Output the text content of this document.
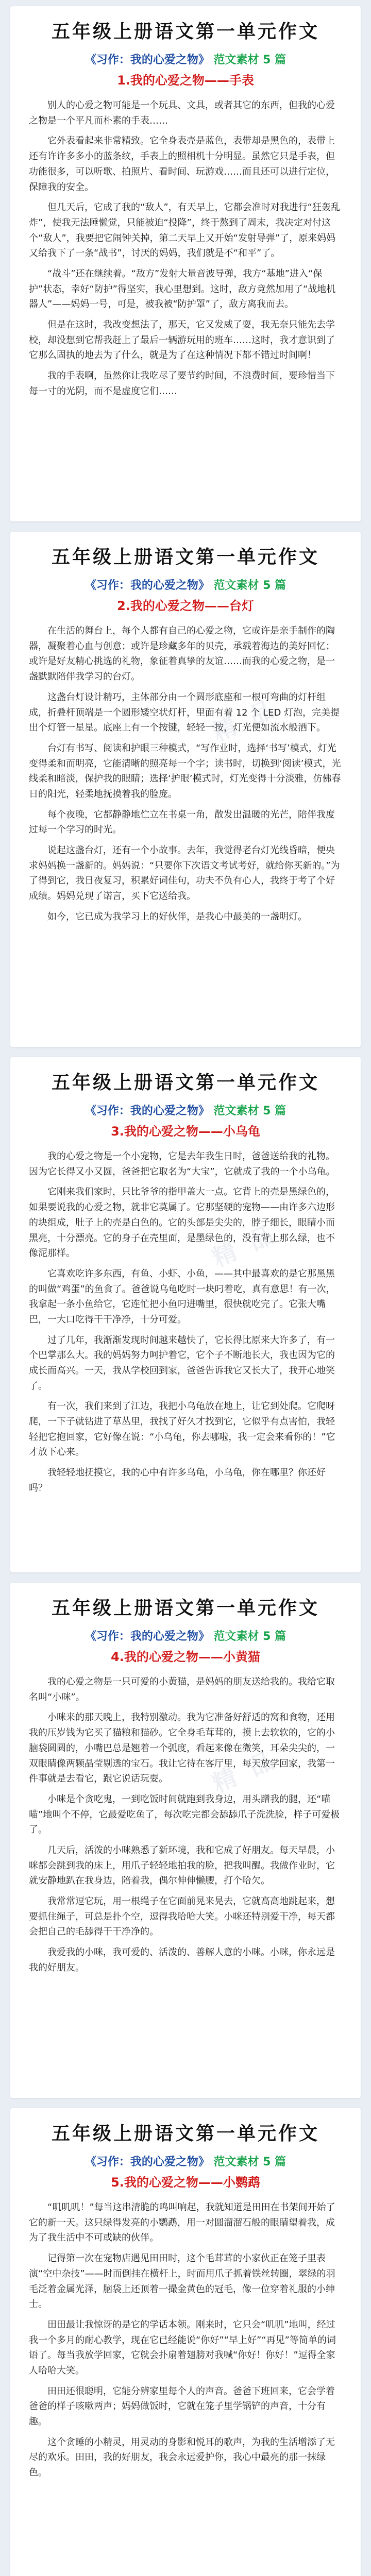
五年级上册语文第一单元作文

《习作：我的心爱之物》 范文素材 5 篇

1.我的心爱之物——手表

别人的心爱之物可能是一个玩具、文具，或者其它的东西，但我的心爱之物是一个平凡而朴素的手表……

它外表看起来非常精致。它全身表壳是蓝色，表带却是黑色的，表带上还有许许多多小的蓝条纹，手表上的照相机十分明显。虽然它只是手表，但功能很多，可以听歌、拍照片、看时间、玩游戏……而且还可以进行定位，保障我的安全。

但几天后，它成了我的“敌人”，有天早上，它都会准时对我进行“狂轰乱炸”，使我无法睡懒觉，只能被迫“投降”，终于熬到了周末，我决定对付这个“敌人”，我要把它闹钟关掉，第二天早上又开始“发射导弹”了，原来妈妈又给我下了一条“战书”，讨厌的妈妈，我们就是不“和平”了。

“战斗”还在继续着。“敌方”发射大量音波导弹，我方“基地”进入“保护”状态，幸好“防护”得坚实，我心里想到。这时，敌方竟然加用了“战地机器人”——妈妈一号，可是，被我被“防护罩”了，敌方离我而去。

但是在这时，我改变想法了，那天，它又发威了耍，我无奈只能先去学校，却没想到它帮我赶上了最后一辆游玩用的班车……这时，我才意识到了它那么固执的地去为了什么，就是为了在这种情况下都不错过时间啊！

我的手表啊，虽然你让我吃尽了要节约时间，不浪费时间，要珍惜当下每一寸的光阴，而不是虚度它们……

精 品
五年级上册语文第一单元作文

《习作：我的心爱之物》 范文素材 5 篇

2.我的心爱之物——台灯

在生活的舞台上，每个人都有自己的心爱之物，它或许是亲手制作的陶器，凝聚着心血与创意；或许是珍藏多年的贝壳，承载着海边的美好回忆；或许是好友精心挑选的礼物，象征着真挚的友谊……而我的心爱之物，是一盏默默陪伴我学习的台灯。

这盏台灯设计精巧，主体部分由一个圆形底座和一根可弯曲的灯杆组成，折叠杆顶端是一个圆形矮空状灯杆，里面有着 12 个 LED 灯泡，完美提出个灯管一星星。底座上有一个按键，轻轻一按，灯光便如流水般洒下。

台灯有书写、阅读和护眼三种模式，“写作业时，选择‘书写’模式，灯光变得柔和而明亮，它能清晰的照亮每一个字；读书时，切换到‘阅读’模式，光线柔和暗淡，保护我的眼睛；选择‘护眼’模式时，灯光变得十分淡雅，仿佛春日的阳光，轻柔地抚摸着我的脸庞。

每个夜晚，它都静静地伫立在书桌一角，散发出温暖的光芒，陪伴我度过每一个学习的时光。

说起这盏台灯，还有一个小故事。去年，我觉得老台灯光线昏暗，便央求妈妈换一盏新的。妈妈说：“只要你下次语文考试考好，就给你买新的。”为了得到它，我日夜复习，积累好词佳句，功夫不负有心人，我终于考了个好成绩。妈妈兑现了诺言，买下它送给我。

如今，它已成为我学习上的好伙伴，是我心中最美的一盏明灯。

精 品
五年级上册语文第一单元作文

《习作：我的心爱之物》 范文素材 5 篇

3.我的心爱之物——小乌龟

我的心爱之物是一个小宠物，它是去年我生日时，爸爸送给我的礼物。因为它长得又小又圆，爸爸把它取名为“大宝”，它就成了我的一个小乌龟。

它刚来我们家时，只比爷爷的指甲盖大一点。它背上的壳是黑绿色的，如果要说我的心爱之物，就非它莫属了。它那坚硬的宠物——由许多六边形的块组成，肚子上的壳是白色的。它的头部是尖尖的，脖子细长，眼睛小而黑亮，十分漂亮。它的身子在壳里面，是墨绿色的，没有背上那么绿，也不像泥那样。

它喜欢吃许多东西，有鱼、小虾、小鱼，——其中最喜欢的是它那黑黑的叫做“鸡蛋”的鱼食了。爸爸说乌龟吃时一块叼着吃，真有意思！有一次，我拿起一条小鱼给它，它连忙把小鱼叼进嘴里，很快就吃完了。它张大嘴巴，一大口吃得干干净净，十分可爱。

过了几年，我渐渐发现时间越来越快了，它长得比原来大许多了，有一个巴掌那么大。我的妈妈努力呵护着它，它个子不断地长大，我也因为它的成长而高兴。一天，我从学校回到家，爸爸告诉我它又长大了，我开心地笑了。

有一次，我们来到了江边，我把小乌龟放在地上，让它到处爬。它爬呀爬，一下子就钻进了草丛里，我找了好久才找到它，它似乎有点害怕，我轻轻把它抱回家，它好像在说：“小乌龟，你去哪啦，我一定会来看你的！”它才放下心来。

我轻轻地抚摸它，我的心中有许多乌龟，小乌龟，你在哪里？你还好吗？

精 品
五年级上册语文第一单元作文

《习作：我的心爱之物》 范文素材 5 篇

4.我的心爱之物——小黄猫

我的心爱之物是一只可爱的小黄猫，是妈妈的朋友送给我的。我给它取名叫“小咪”。

小咪来的那天晚上，我特别激动。我为它准备好舒适的窝和食物，还用我的压岁钱为它买了猫粮和猫砂。它全身毛茸茸的，摸上去软软的，它的小脑袋圆圆的，小嘴巴总是翘着一个弧度，看起来像在微笑，耳朵尖尖的，一双眼睛像两颗晶莹剔透的宝石。我让它待在客厅里，每天放学回家，我第一件事就是去看它，跟它说话玩耍。

小咪是个贪吃鬼，一到吃饭时间就跑到我身边，用头蹭我的腿，还“喵喵”地叫个不停，它最爱吃鱼了，每次吃完都会舔舔爪子洗洗脸，样子可爱极了。

几天后，活泼的小咪熟悉了新环境，我和它成了好朋友。每天早晨，小咪都会跳到我的床上，用爪子轻轻地拍我的脸，把我叫醒。我做作业时，它就安静地趴在我身边，陪着我，偶尔伸伸懒腰，打个哈欠。

我常常逗它玩，用一根绳子在它面前晃来晃去，它就高高地跳起来，想要抓住绳子，可总是扑个空，逗得我哈哈大笑。小咪还特别爱干净，每天都会把自己的毛舔得干干净净的。

我爱我的小咪，我可爱的、活泼的、善解人意的小咪。小咪，你永远是我的好朋友。

五年级上册语文第一单元作文

《习作：我的心爱之物》 范文素材 5 篇

5.我的心爱之物——小鹦鹉

“叽叽叽！”每当这串清脆的鸣叫响起，我就知道是田田在书架间开始了它的新一天。这只绿得发亮的小鹦鹉，用一对圆溜溜石般的眼睛望着我，成为了我生活中不可或缺的伙伴。

记得第一次在宠物店遇见田田时，这个毛茸茸的小家伙正在笼子里表演“空中杂技”——时而倒挂在横杆上，时而用爪子抓着铁丝转圈，翠绿的羽毛泛着金属光泽，脑袋上还顶着一撮金黄色的冠毛，像一位穿着礼服的小绅士。

田田最让我惊讶的是它的学话本领。刚来时，它只会“叽叽”地叫，经过我一个多月的耐心教学，现在它已经能说“你好”“早上好”“再见”等简单的词语了。每当我放学回家，它就会扑扇着翅膀对我喊“你好！你好！”逗得全家人哈哈大笑。

田田还很聪明，它能分辨家里每个人的声音。爸爸下班回来，它会学着爸爸的样子咳嗽两声；妈妈做饭时，它就在笼子里学锅铲的声音，十分有趣。

这个贪睡的小精灵，用灵动的身影和悦耳的歌声，为我的生活增添了无尽的欢乐。田田，我的好朋友，我会永远爱护你，我心中最亮的那一抹绿色。
